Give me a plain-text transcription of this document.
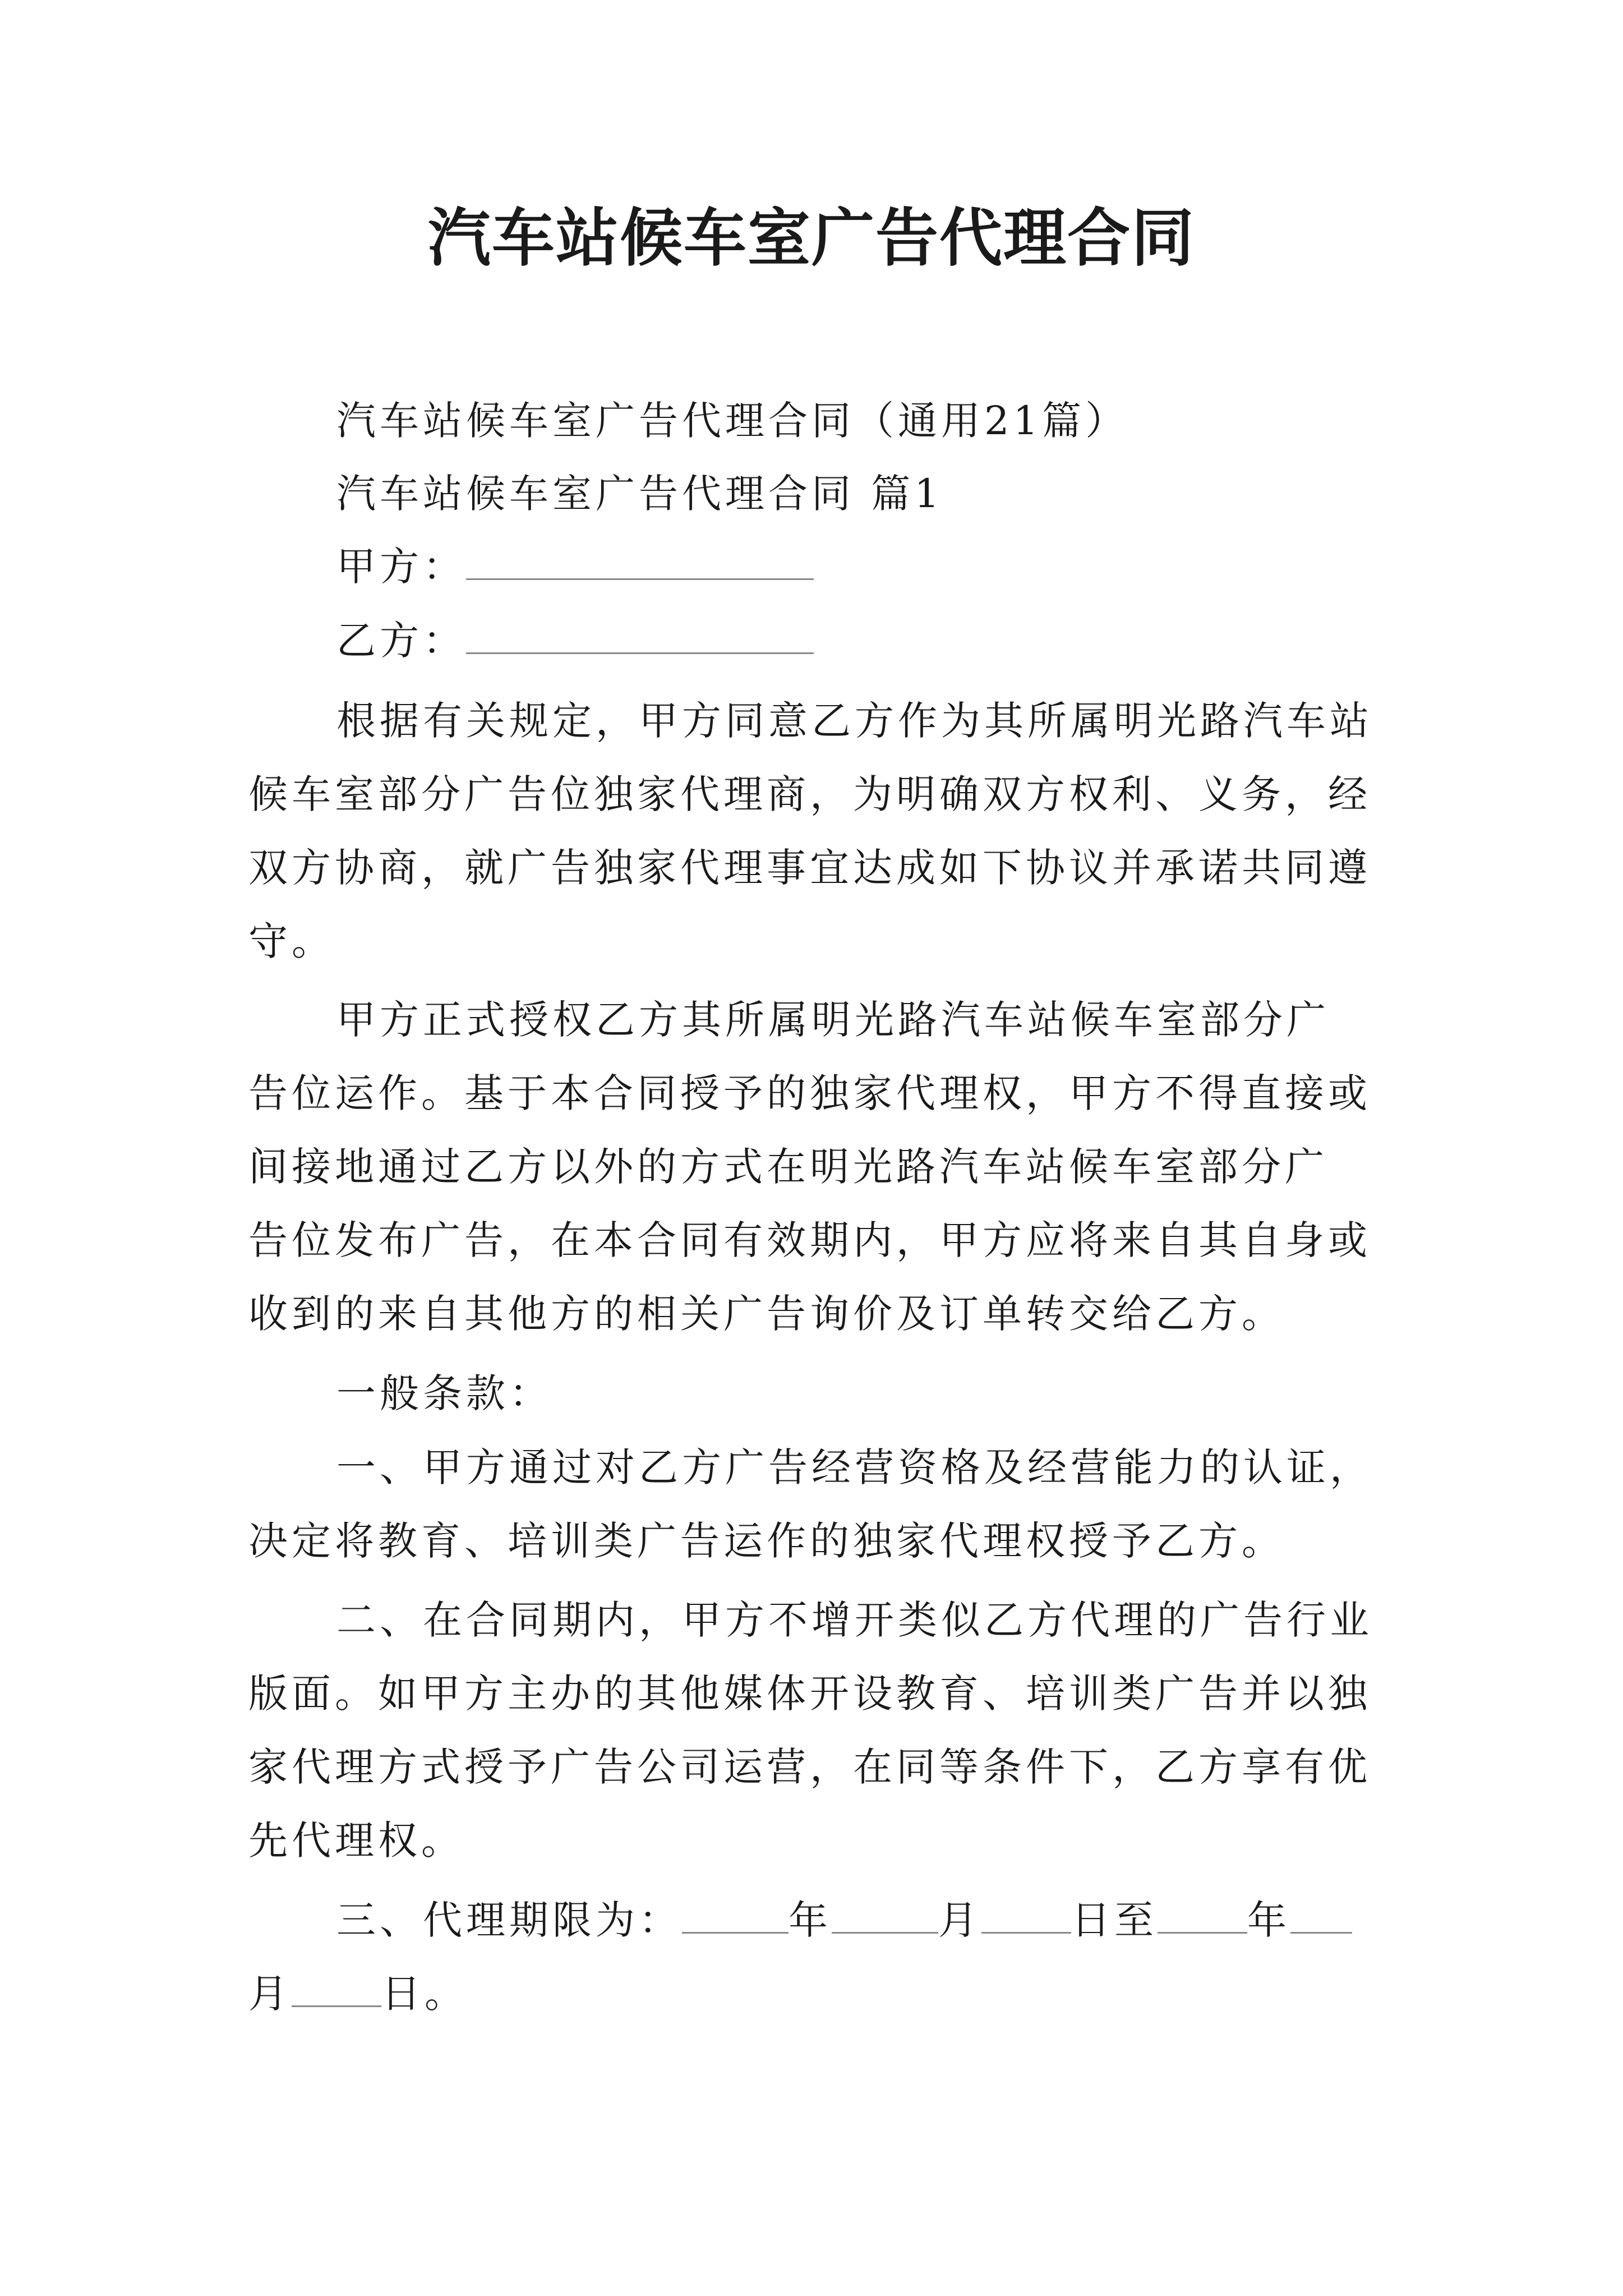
汽车站候车室广告代理合同
汽车站候车室广告代理合同（通用21篇）
汽车站候车室广告代理合同 篇1
甲方：
乙方：
根据有关规定，甲方同意乙方作为其所属明光路汽车站
候车室部分广告位独家代理商，为明确双方权利、义务，经
双方协商，就广告独家代理事宜达成如下协议并承诺共同遵
守。
甲方正式授权乙方其所属明光路汽车站候车室部分广
告位运作。基于本合同授予的独家代理权，甲方不得直接或
间接地通过乙方以外的方式在明光路汽车站候车室部分广
告位发布广告，在本合同有效期内，甲方应将来自其自身或
收到的来自其他方的相关广告询价及订单转交给乙方。
一般条款：
一、甲方通过对乙方广告经营资格及经营能力的认证，
决定将教育、培训类广告运作的独家代理权授予乙方。
二、在合同期内，甲方不增开类似乙方代理的广告行业
版面。如甲方主办的其他媒体开设教育、培训类广告并以独
家代理方式授予广告公司运营，在同等条件下，乙方享有优
先代理权。
三、代理期限为：	年	月 日至 年
月 日。
